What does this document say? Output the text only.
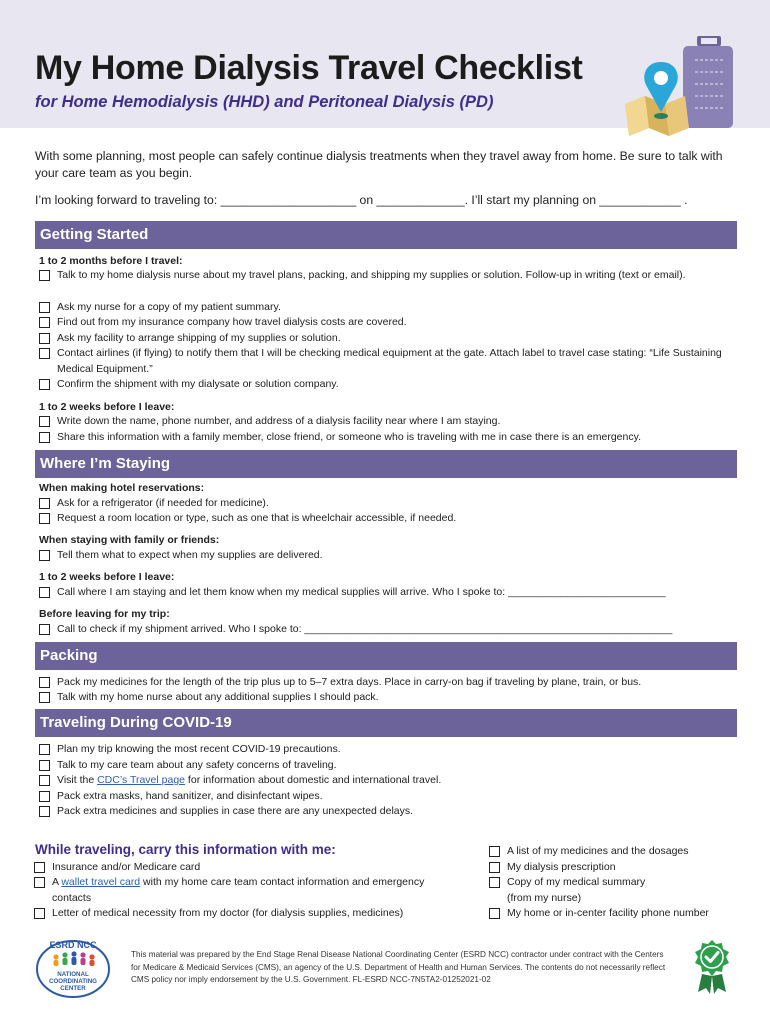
My Home Dialysis Travel Checklist
for Home Hemodialysis (HHD) and Peritoneal Dialysis (PD)
With some planning, most people can safely continue dialysis treatments when they travel away from home. Be sure to talk with your care team as you begin.
I’m looking forward to traveling to: ____________________ on _____________. I’ll start my planning on ____________ .
Getting Started
1 to 2 months before I travel:
Talk to my home dialysis nurse about my travel plans, packing, and shipping my supplies or solution. Follow-up in writing (text or email).
Ask my nurse for a copy of my patient summary.
Find out from my insurance company how travel dialysis costs are covered.
Ask my facility to arrange shipping of my supplies or solution.
Contact airlines (if flying) to notify them that I will be checking medical equipment at the gate. Attach label to travel case stating: “Life Sustaining Medical Equipment.”
Confirm the shipment with my dialysate or solution company.
1 to 2 weeks before I leave:
Write down the name, phone number, and address of a dialysis facility near where I am staying.
Share this information with a family member, close friend, or someone who is traveling with me in case there is an emergency.
Where I’m Staying
When making hotel reservations:
Ask for a refrigerator (if needed for medicine).
Request a room location or type, such as one that is wheelchair accessible, if needed.
When staying with family or friends:
Tell them what to expect when my supplies are delivered.
1 to 2 weeks before I leave:
Call where I am staying and let them know when my medical supplies will arrive. Who I spoke to: ___________________________
Before leaving for my trip:
Call to check if my shipment arrived. Who I spoke to: _______________________________________________________________
Packing
Pack my medicines for the length of the trip plus up to 5–7 extra days. Place in carry-on bag if traveling by plane, train, or bus.
Talk with my home nurse about any additional supplies I should pack.
Traveling During COVID-19
Plan my trip knowing the most recent COVID-19 precautions.
Talk to my care team about any safety concerns of traveling.
Visit the CDC’s Travel page for information about domestic and international travel.
Pack extra masks, hand sanitizer, and disinfectant wipes.
Pack extra medicines and supplies in case there are any unexpected delays.
While traveling, carry this information with me:
Insurance and/or Medicare card
A wallet travel card with my home care team contact information and emergency contacts
Letter of medical necessity from my doctor (for dialysis supplies, medicines)
A list of my medicines and the dosages
My dialysis prescription
Copy of my medical summary (from my nurse)
My home or in-center facility phone number
ESRD NCC
NATIONAL
COORDINATING
CENTER
This material was prepared by the End Stage Renal Disease National Coordinating Center (ESRD NCC) contractor under contract with the Centers for Medicare & Medicaid Services (CMS), an agency of the U.S. Department of Health and Human Services. The contents do not necessarily reflect CMS policy nor imply endorsement by the U.S. Government. FL-ESRD NCC-7N5TA2-01252021-02
